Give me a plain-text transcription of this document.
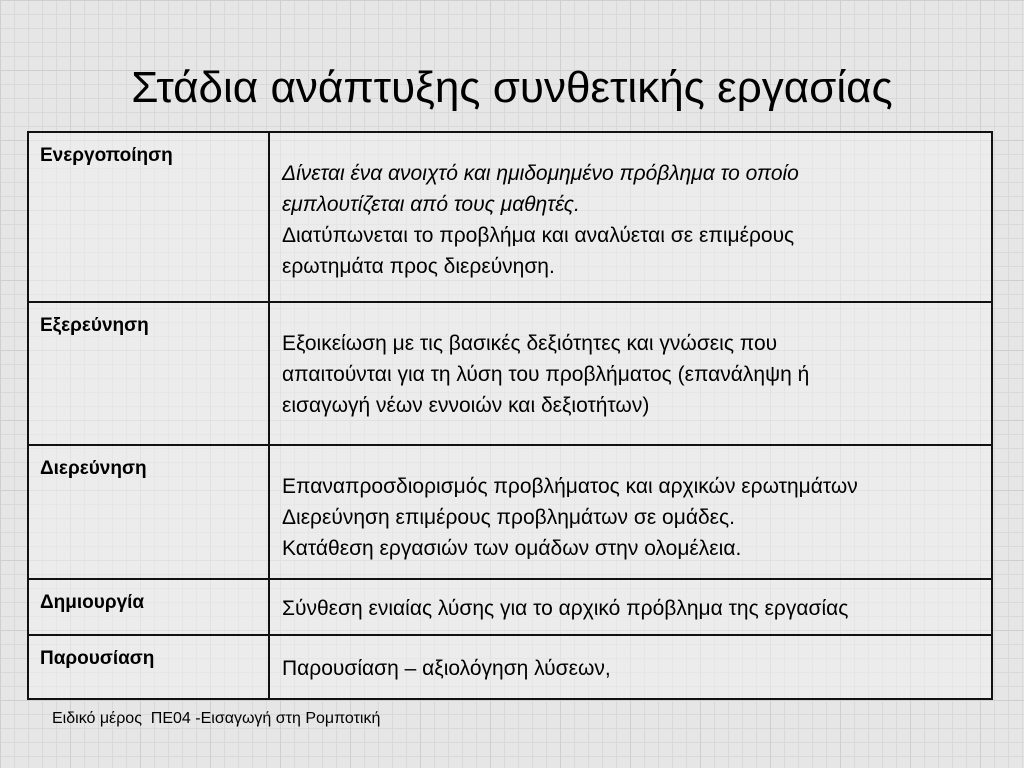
Στάδια ανάπτυξης συνθετικής εργασίας
Ενεργοποίηση	Δίνεται ένα ανοιχτό και ημιδομημένο πρόβλημα το οποίο
εμπλουτίζεται από τους μαθητές.
Διατύπωνεται το προβλήμα και αναλύεται σε επιμέρους
ερωτημάτα προς διερεύνηση.

Εξερεύνηση	Εξοικείωση με τις βασικές δεξιότητες και γνώσεις που
απαιτούνται για τη λύση του προβλήματος (επανάληψη ή
εισαγωγή νέων εννοιών και δεξιοτήτων)

Διερεύνηση	Επαναπροσδιορισμός προβλήματος και αρχικών ερωτημάτων
Διερεύνηση επιμέρους προβλημάτων σε ομάδες.
Κατάθεση εργασιών των ομάδων στην ολομέλεια.

Δημιουργία	Σύνθεση ενιαίας λύσης για το αρχικό πρόβλημα της εργασίας

Παρουσίαση	Παρουσίαση – αξιολόγηση λύσεων,
Ειδικό μέρος  ΠΕ04 -Εισαγωγή στη Ρομποτική
